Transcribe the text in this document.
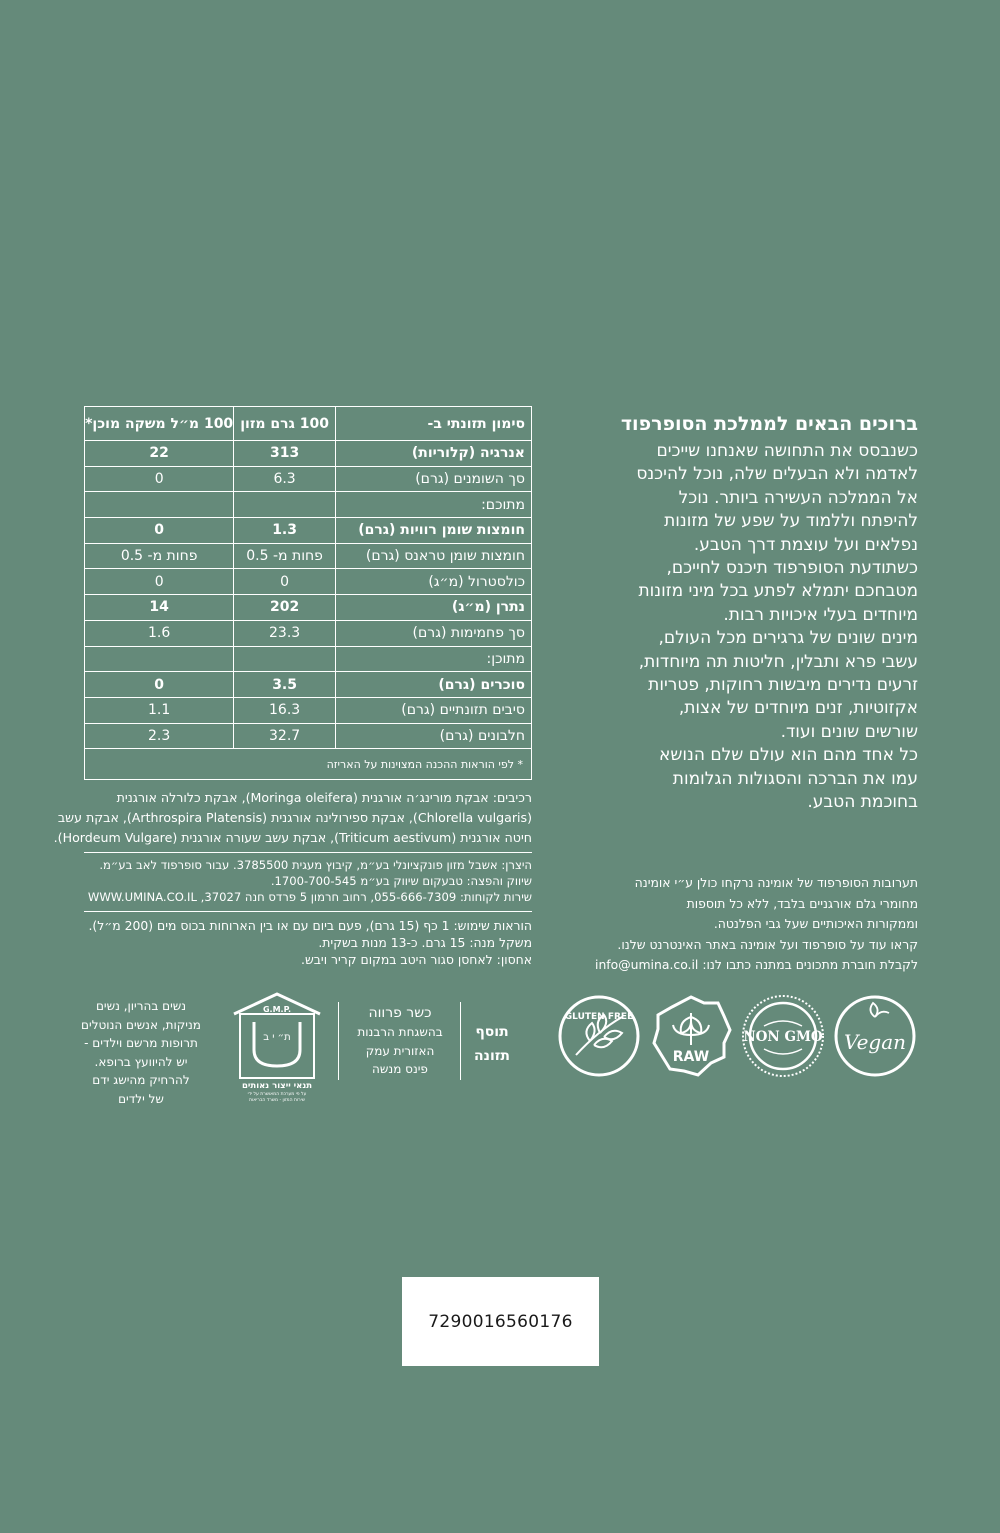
ברוכים הבאים לממלכת הסופרפוד

כשנבסס את התחושה שאנחנו שייכים
לאדמה ולא הבעלים שלה, נוכל להיכנס
אל הממלכה העשירה ביותר. נוכל
להיפתח וללמוד על שפע של מזונות
נפלאים ועל עוצמת דרך הטבע.
כשתודעת הסופרפוד תיכנס לחייכם,
מטבחכם יתמלא לפתע בכל מיני מזונות
מיוחדים בעלי איכויות רבות.
מינים שונים של גרגירים מכל העולם,
עשבי פרא ותבלין, חליטות תה מיוחדות,
זרעים נדירים מיבשות רחוקות, פטריות
אקזוטיות, זנים מיוחדים של אצות,
שורשים שונים ועוד.
כל אחד מהם הוא עולם שלם הנושא
עמו את הברכה והסגולות הגלומות
בחוכמת הטבע.

תערובות הסופרפוד של אומינה נרקחו כולן ע״י אומינה
מחומרי גלם אורגניים בלבד, ללא כל תוספות
וממקורות האיכותיים שעל גבי הפלנטה.
קראו עוד על סופרפוד ועל אומינה באתר האינטרנט שלנו.
לקבלת חוברת מתכונים במתנה כתבו לנו: info@umina.co.il
סימון תזונתי ב-
100 גרם מזון
100 מ״ל משקה מוכן*
אנרגיה (קלוריות)
313
22
סך השומנים (גרם)
6.3
0
מתוכם:
חומצות שומן רוויות (גרם)
1.3
0
חומצות שומן טראנס (גרם)
פחות מ- 0.5
פחות מ- 0.5
כולסטרול (מ״ג)
0
0
נתרן (מ״ג)
202
14
סך פחמימות (גרם)
23.3
1.6
מתוכן:
סוכרים (גרם)
3.5
0
סיבים תזונתיים (גרם)
16.3
1.1
חלבונים (גרם)
32.7
2.3
* לפי הוראות ההכנה המצוינות על האריזה
רכיבים: אבקת מורינג׳ה אורגנית (Moringa oleifera), אבקת כלורלה אורגנית
(Chlorella vulgaris), אבקת ספירולינה אורגנית (Arthrospira Platensis), אבקת עשב
חיטה אורגנית (Triticum aestivum), אבקת עשב שעורה אורגנית (Hordeum Vulgare).
היצרן: אשבל מזון פונקציונלי בע״מ, קיבוץ מעגית 3785500. עבור סופרפוד לאב בע״מ.
שיווק והפצה: טבעקום שיווק בע״מ 1700-700-545.
שירות לקוחות: 055-666-7309, רחוב חרמון 5 פרדס חנה 37027, WWW.UMINA.CO.IL
הוראות שימוש: 1 כף (15 גרם), פעם ביום עם או בין הארוחות בכוס מים (200 מ״ל).
משקל מנה: 15 גרם. כ-13 מנות בשקית.
אחסון: לאחסן סגור היטב במקום קריר ויבש.
Vegan
NON GMO
RAW
GLUTEN FREE
תוסף
תזונה
כשר פרווה
בהשגחת הרבנות
האזורית עמק
פינס מנשה
G.M.P.
ת״ י ב
תנאי ייצור נאותים
על פי מערכת המאושרת על ידי
שירות המזון - משרד הבריאות
נשים בהריון, נשים
מניקות, אנשים הנוטלים
תרופות מרשם וילדים -
יש להיוועץ ברופא.
להרחיק מהישג ידם
של ילדים
7290016560176
